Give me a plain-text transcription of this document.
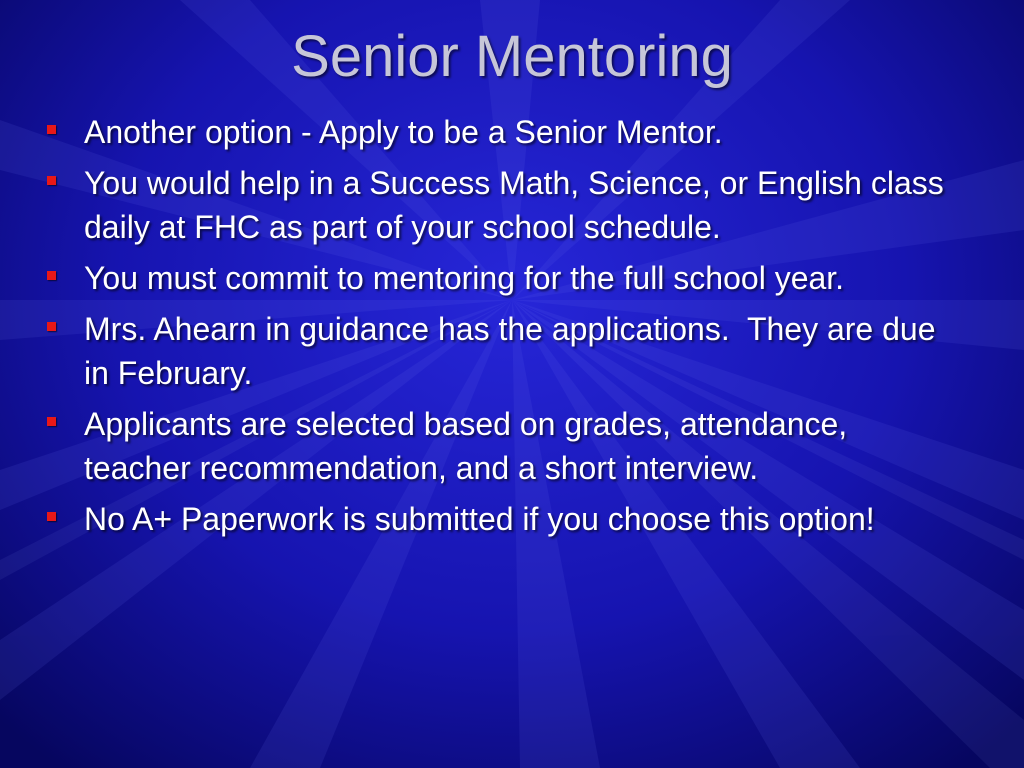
Senior Mentoring
Another option - Apply to be a Senior Mentor.
You would help in a Success Math, Science, or English class daily at FHC as part of your school schedule.
You must commit to mentoring for the full school year.
Mrs. Ahearn in guidance has the applications.  They are due in February.
Applicants are selected based on grades, attendance, teacher recommendation, and a short interview.
No A+ Paperwork is submitted if you choose this option!
